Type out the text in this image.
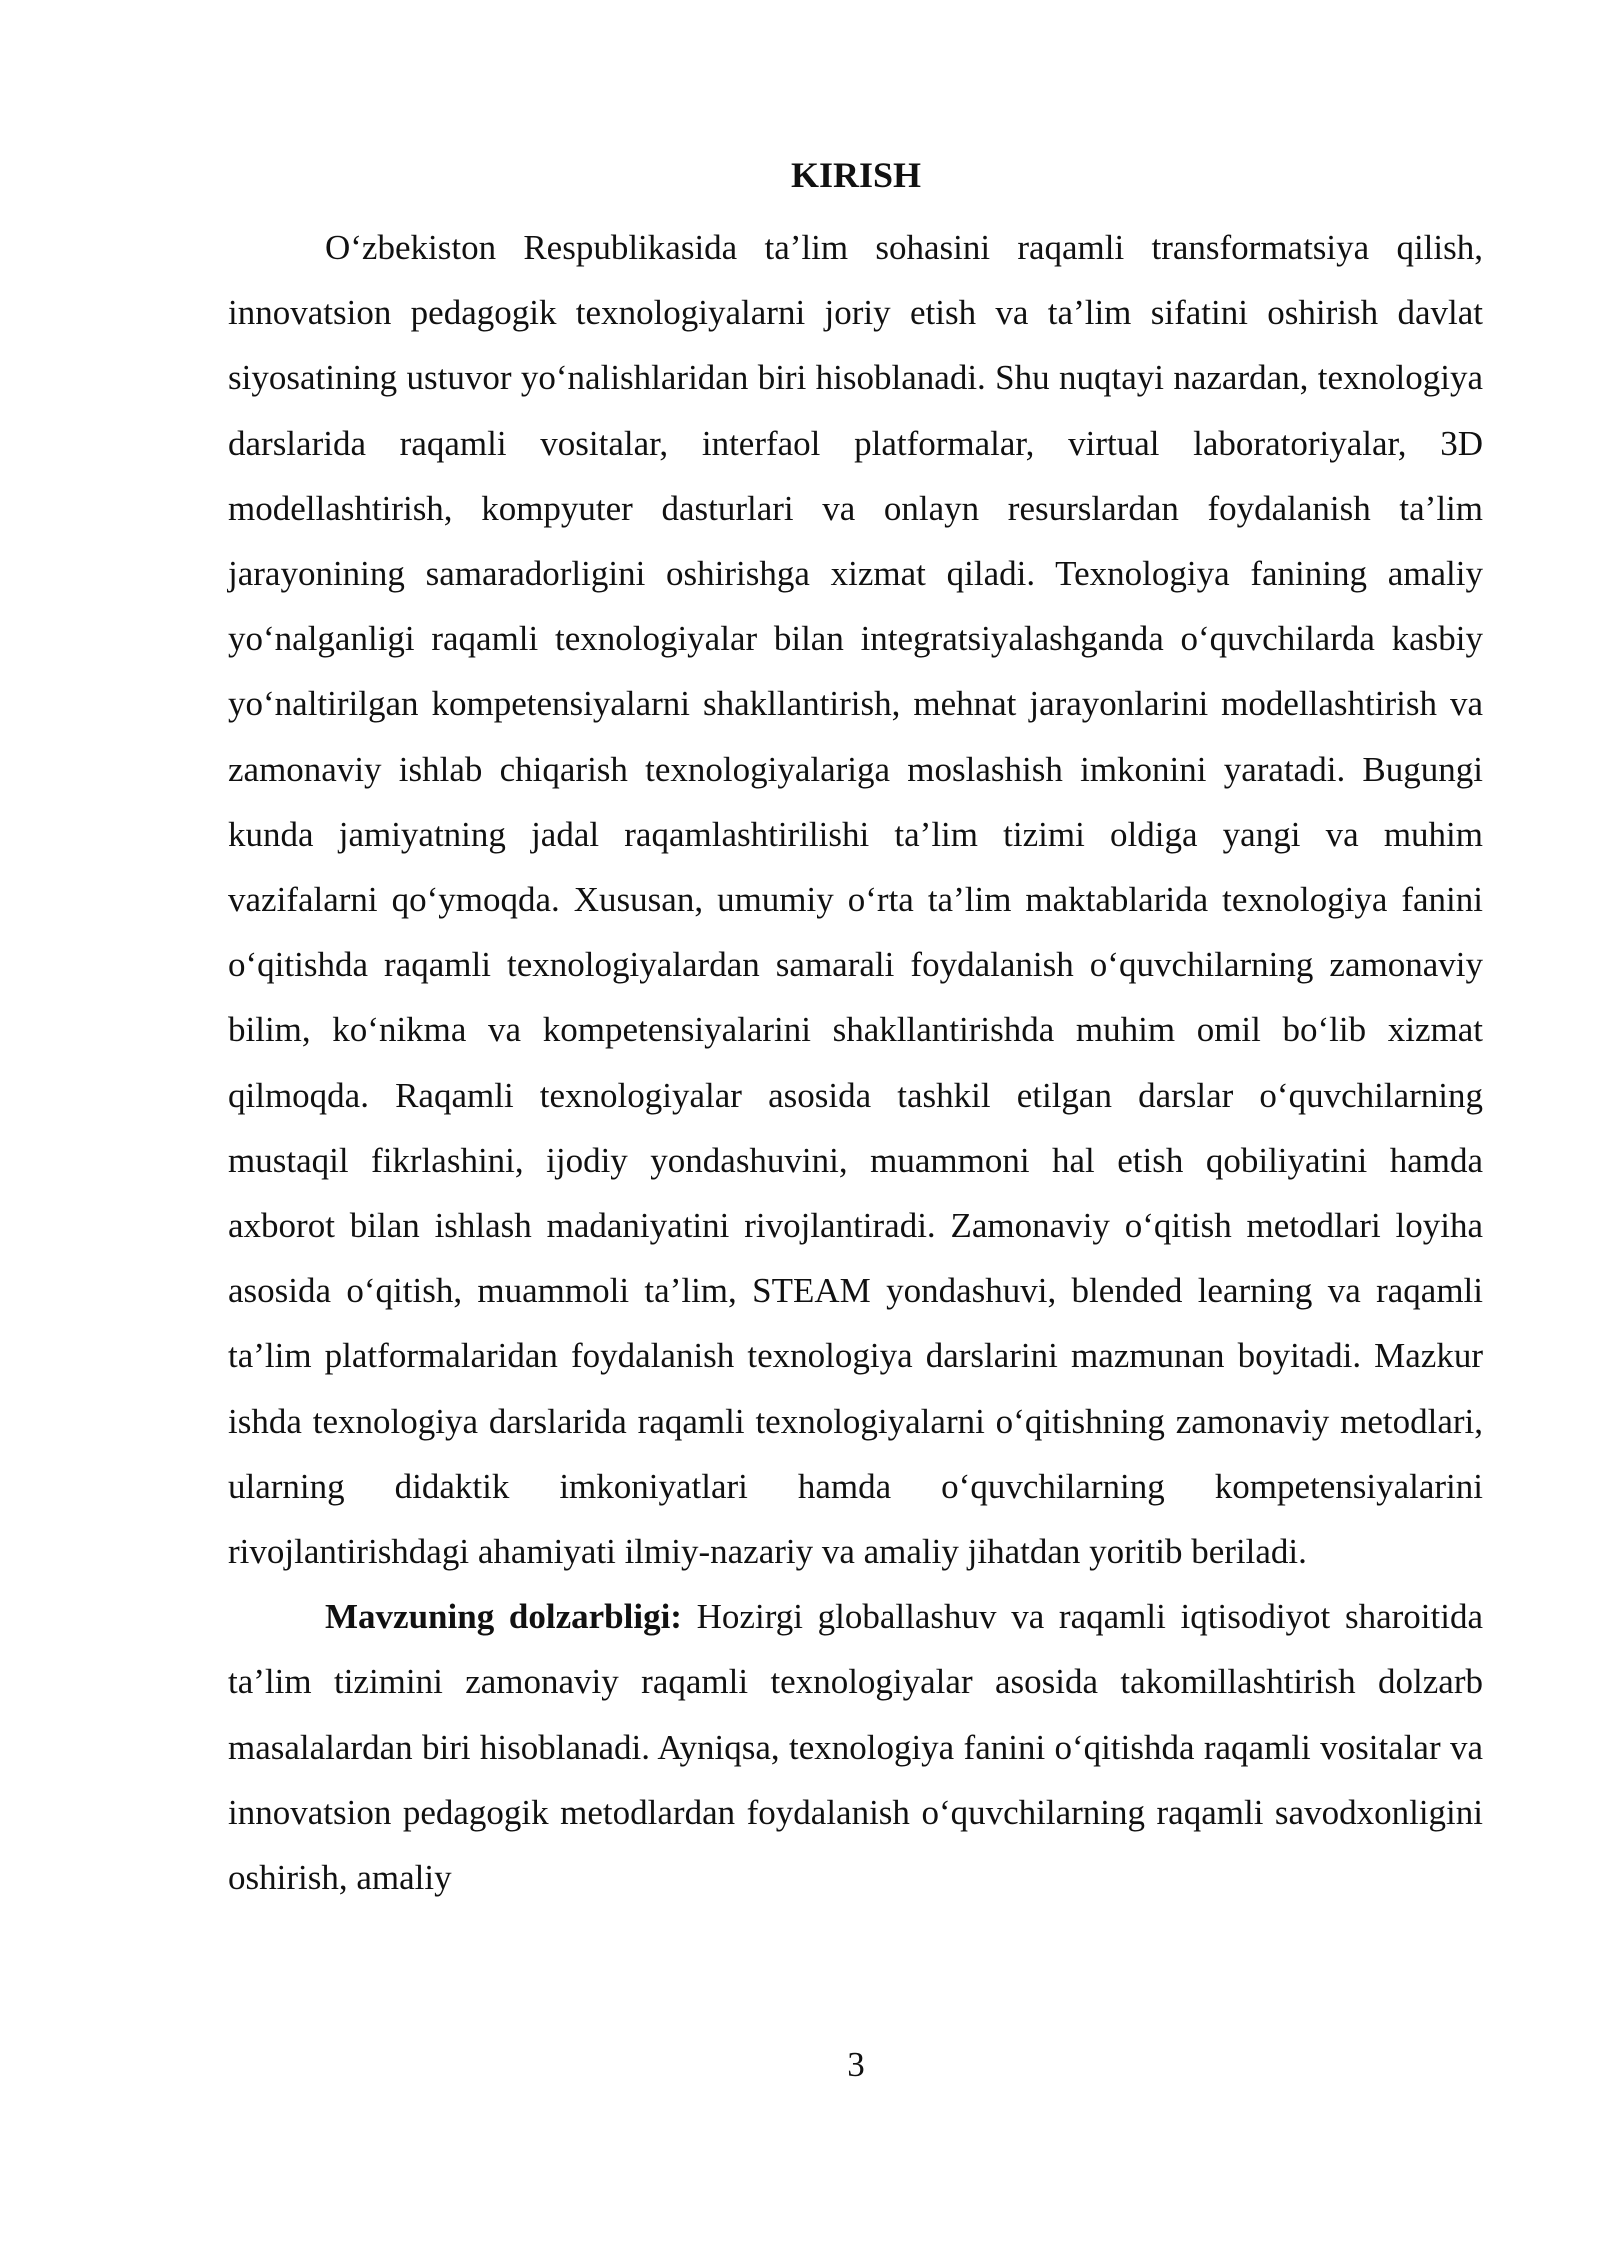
KIRISH

O‘zbekiston Respublikasida ta’lim sohasini raqamli transformatsiya qilish, innovatsion pedagogik texnologiyalarni joriy etish va ta’lim sifatini oshirish davlat siyosatining ustuvor yo‘nalishlaridan biri hisoblanadi. Shu nuqtayi nazardan, texnologiya darslarida raqamli vositalar, interfaol platformalar, virtual laboratoriyalar, 3D modellashtirish, kompyuter dasturlari va onlayn resurslardan foydalanish ta’lim jarayonining samaradorligini oshirishga xizmat qiladi. Texnologiya fanining amaliy yo‘nalganligi raqamli texnologiyalar bilan integratsiyalashganda o‘quvchilarda kasbiy yo‘naltirilgan kompetensiyalarni shakllantirish, mehnat jarayonlarini modellashtirish va zamonaviy ishlab chiqarish texnologiyalariga moslashish imkonini yaratadi. Bugungi kunda jamiyatning jadal raqamlashtirilishi ta’lim tizimi oldiga yangi va muhim vazifalarni qo‘ymoqda. Xususan, umumiy o‘rta ta’lim maktablarida texnologiya fanini o‘qitishda raqamli texnologiyalardan samarali foydalanish o‘quvchilarning zamonaviy bilim, ko‘nikma va kompetensiyalarini shakllantirishda muhim omil bo‘lib xizmat qilmoqda. Raqamli texnologiyalar asosida tashkil etilgan darslar o‘quvchilarning mustaqil fikrlashini, ijodiy yondashuvini, muammoni hal etish qobiliyatini hamda axborot bilan ishlash madaniyatini rivojlantiradi. Zamonaviy o‘qitish metodlari loyiha asosida o‘qitish, muammoli ta’lim, STEAM yondashuvi, blended learning va raqamli ta’lim platformalaridan foydalanish texnologiya darslarini mazmunan boyitadi. Mazkur ishda texnologiya darslarida raqamli texnologiyalarni o‘qitishning zamonaviy metodlari, ularning didaktik imkoniyatlari hamda o‘quvchilarning kompetensiyalarini rivojlantirishdagi ahamiyati ilmiy-nazariy va amaliy jihatdan yoritib beriladi.

Mavzuning dolzarbligi: Hozirgi globallashuv va raqamli iqtisodiyot sharoitida ta’lim tizimini zamonaviy raqamli texnologiyalar asosida takomillashtirish dolzarb masalalardan biri hisoblanadi. Ayniqsa, texnologiya fanini o‘qitishda raqamli vositalar va innovatsion pedagogik metodlardan foydalanish o‘quvchilarning raqamli savodxonligini oshirish, amaliy

3
